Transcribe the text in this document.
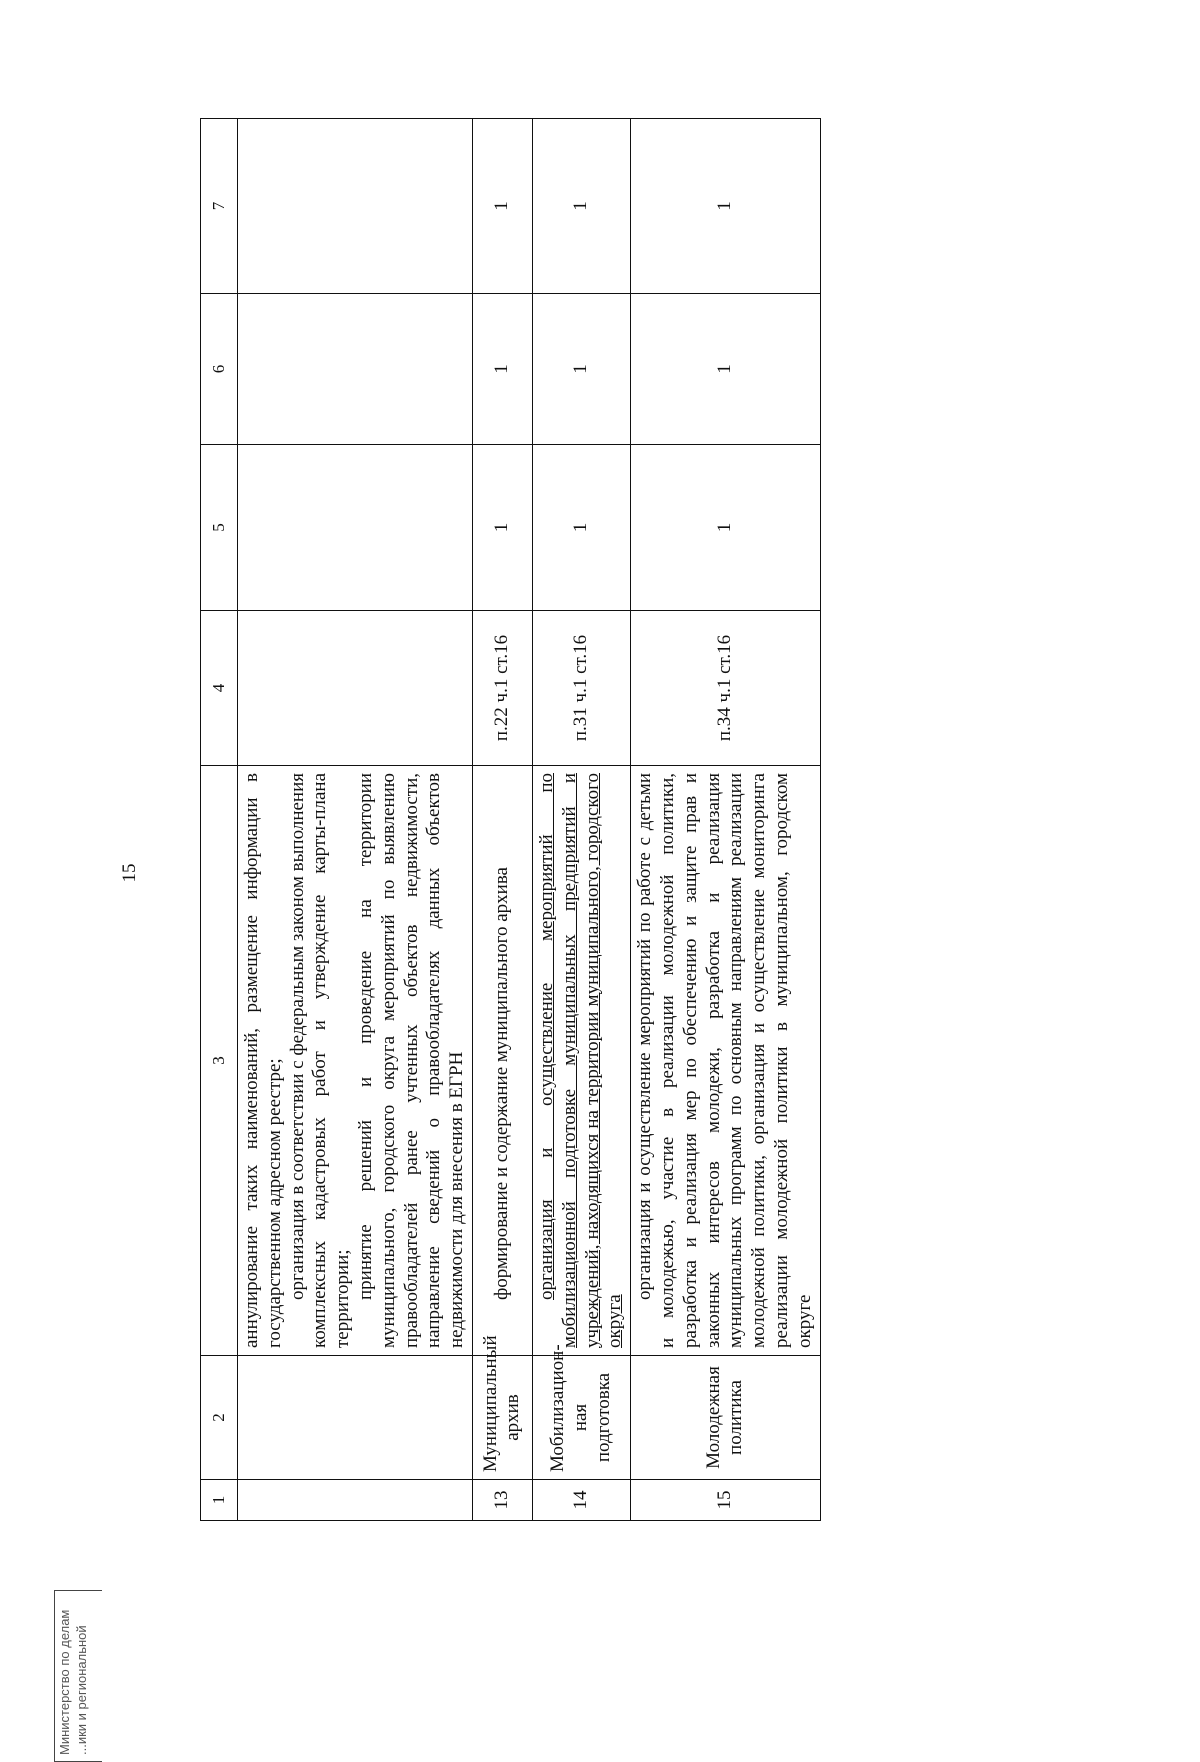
15
1	2	3	4	5	6	7

		аннулирование таких наименований, размещение информации в государственном адресном реестре; организация в соответствии с федеральным законом выполнения комплексных кадастровых работ и утверждение карты-плана территории; принятие решений и проведение на территории муниципального, городского округа мероприятий по выявлению правообладателей ранее учтенных объектов недвижимости, направление сведений о правообладателях данных объектов недвижимости для внесения в ЕГРН				

13	Муниципальный архив	формирование и содержание муниципального архива	п.22 ч.1 ст.16	1	1	1
14	Мобилизацион-ная подготовка	организация и осуществление мероприятий по мобилизационной подготовке муниципальных предприятий и учреждений, находящихся на территории муниципального, городского округа	п.31 ч.1 ст.16	1	1	1
15	Молодежная политика	организация и осуществление мероприятий по работе с детьми и молодежью, участие в реализации молодежной политики, разработка и реализация мер по обеспечению и защите прав и законных интересов молодежи, разработка и реализация муниципальных программ по основным направлениям реализации молодежной политики, организация и осуществление мониторинга реализации молодежной политики в муниципальном, городском округе	п.34 ч.1 ст.16	1	1	1
Министерство по делам ...ики и региональной
